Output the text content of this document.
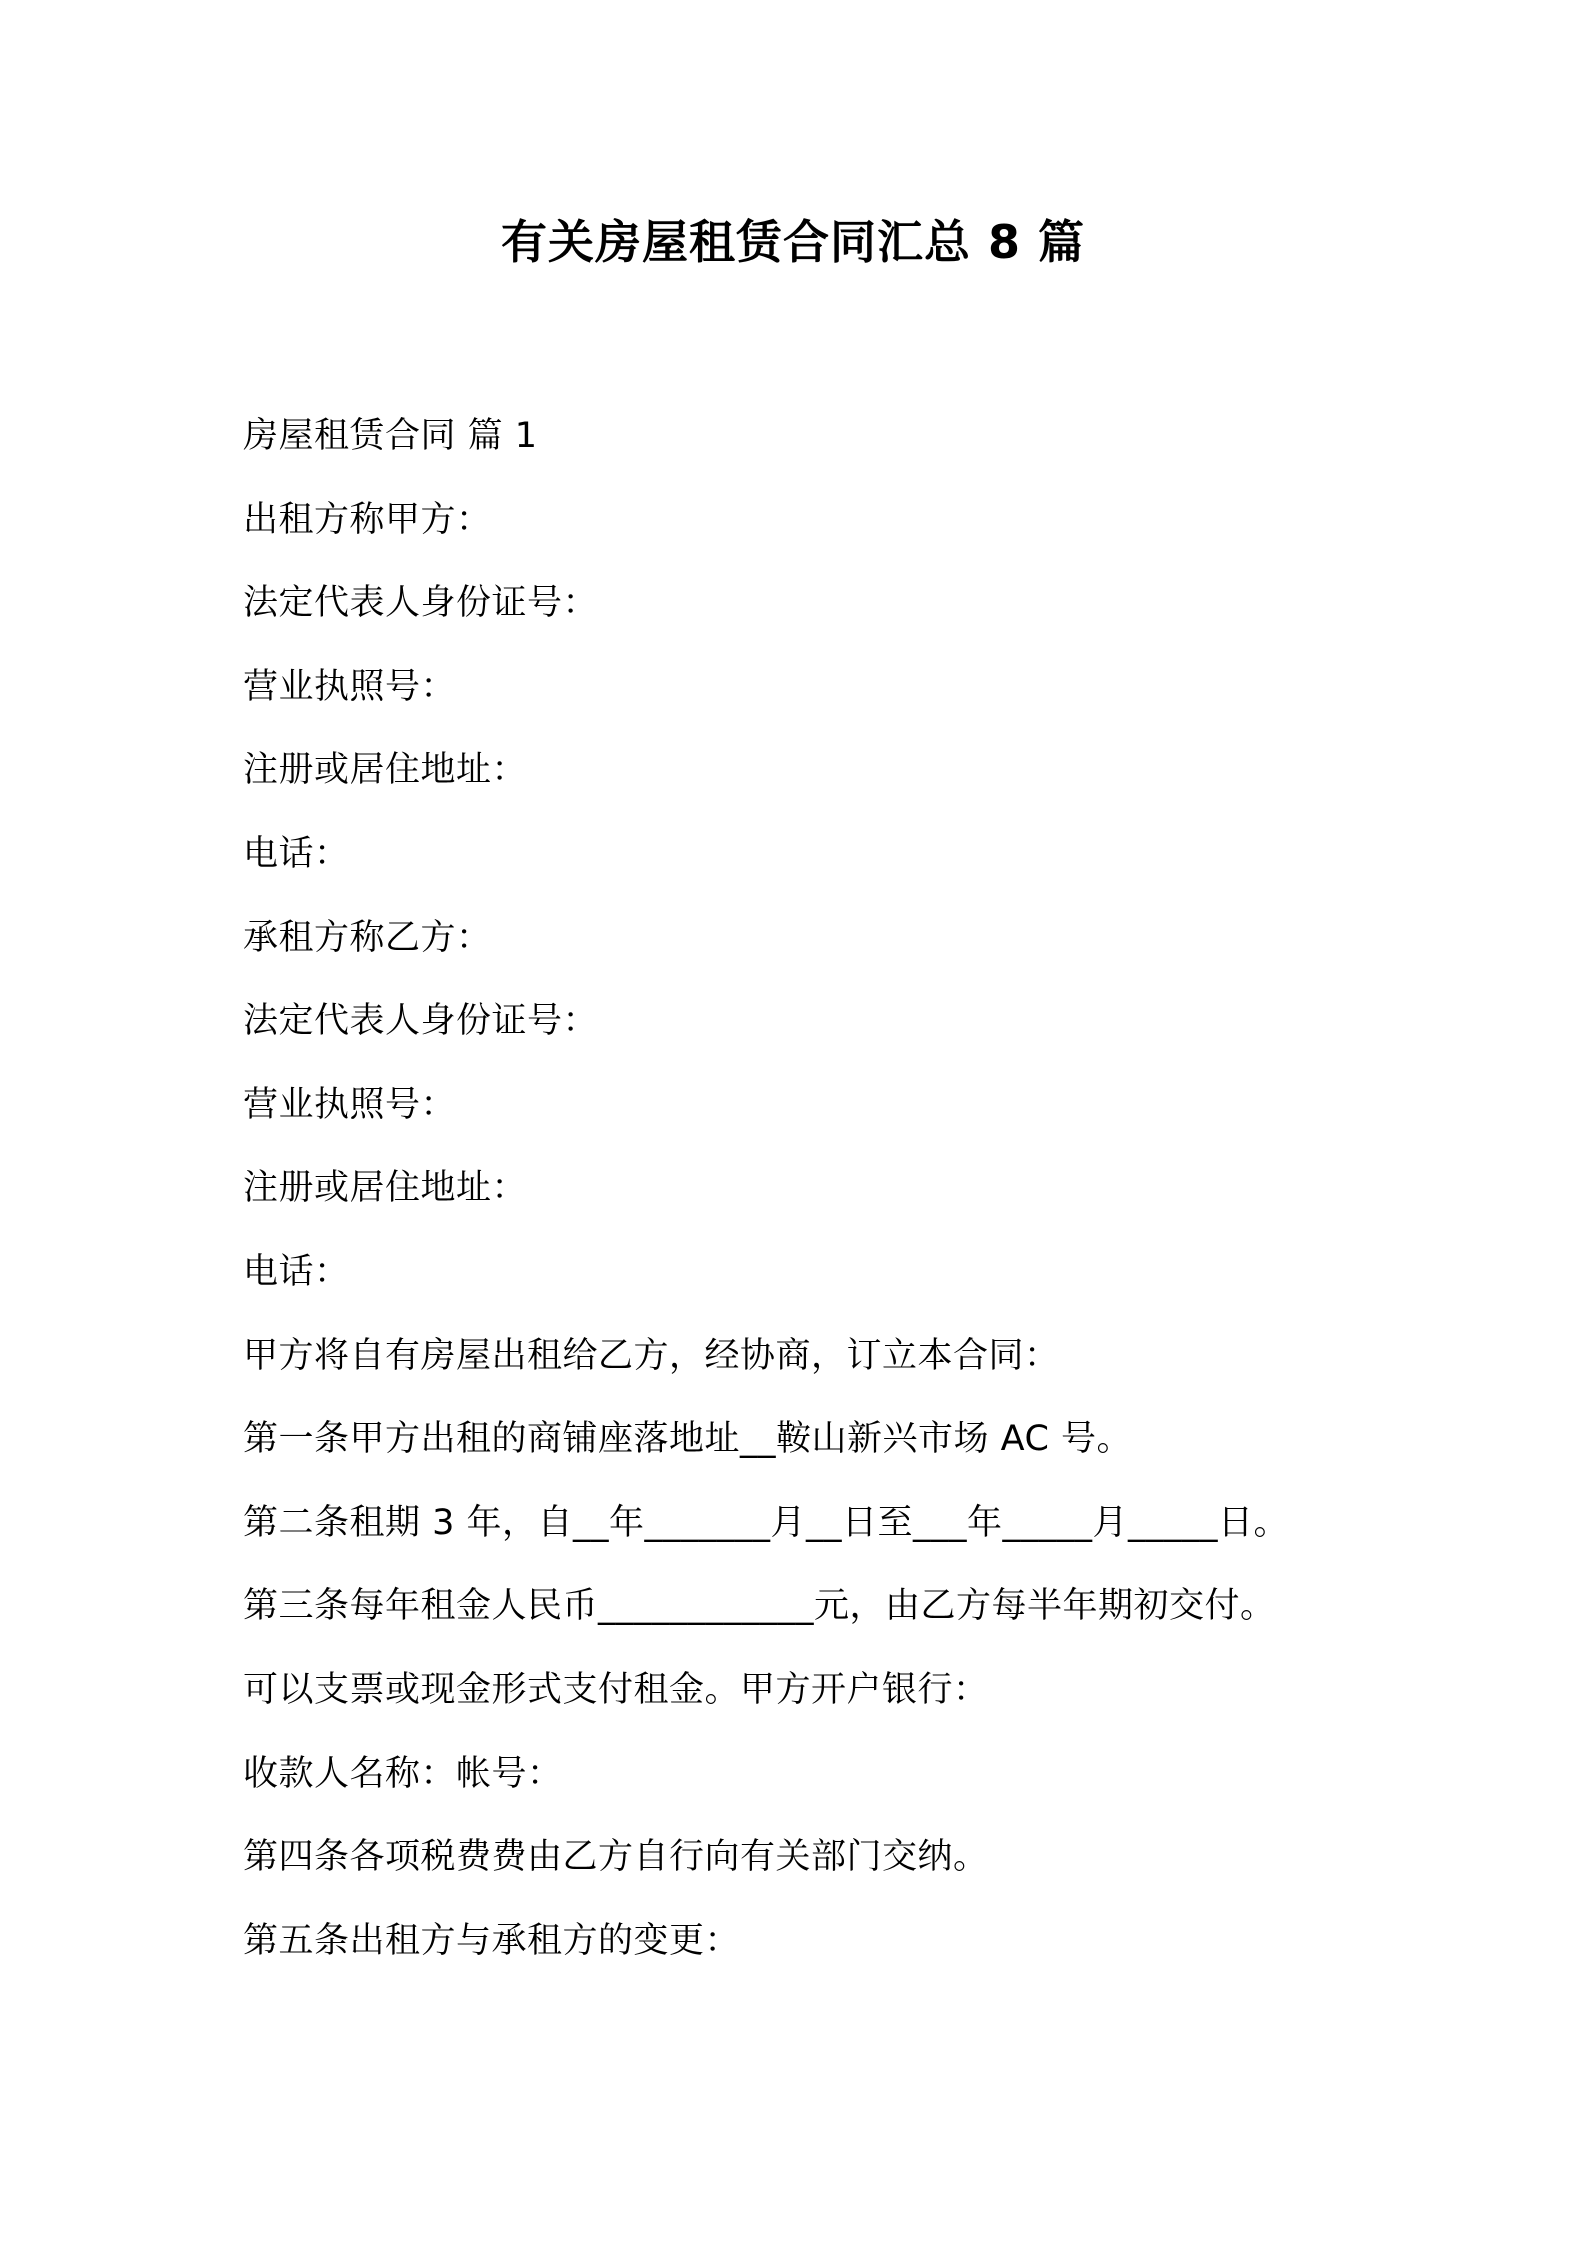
有关房屋租赁合同汇总 8 篇

房屋租赁合同 篇 1

出租方称甲方：

法定代表人身份证号：

营业执照号：

注册或居住地址：

电话：

承租方称乙方：

法定代表人身份证号：

营业执照号：

注册或居住地址：

电话：

甲方将自有房屋出租给乙方，经协商，订立本合同：

第一条甲方出租的商铺座落地址__鞍山新兴市场 AC 号。

第二条租期 3 年，自__年_______月__日至___年_____月_____日。

第三条每年租金人民币____________元，由乙方每半年期初交付。

可以支票或现金形式支付租金。甲方开户银行：

收款人名称：帐号：

第四条各项税费费由乙方自行向有关部门交纳。

第五条出租方与承租方的变更：
